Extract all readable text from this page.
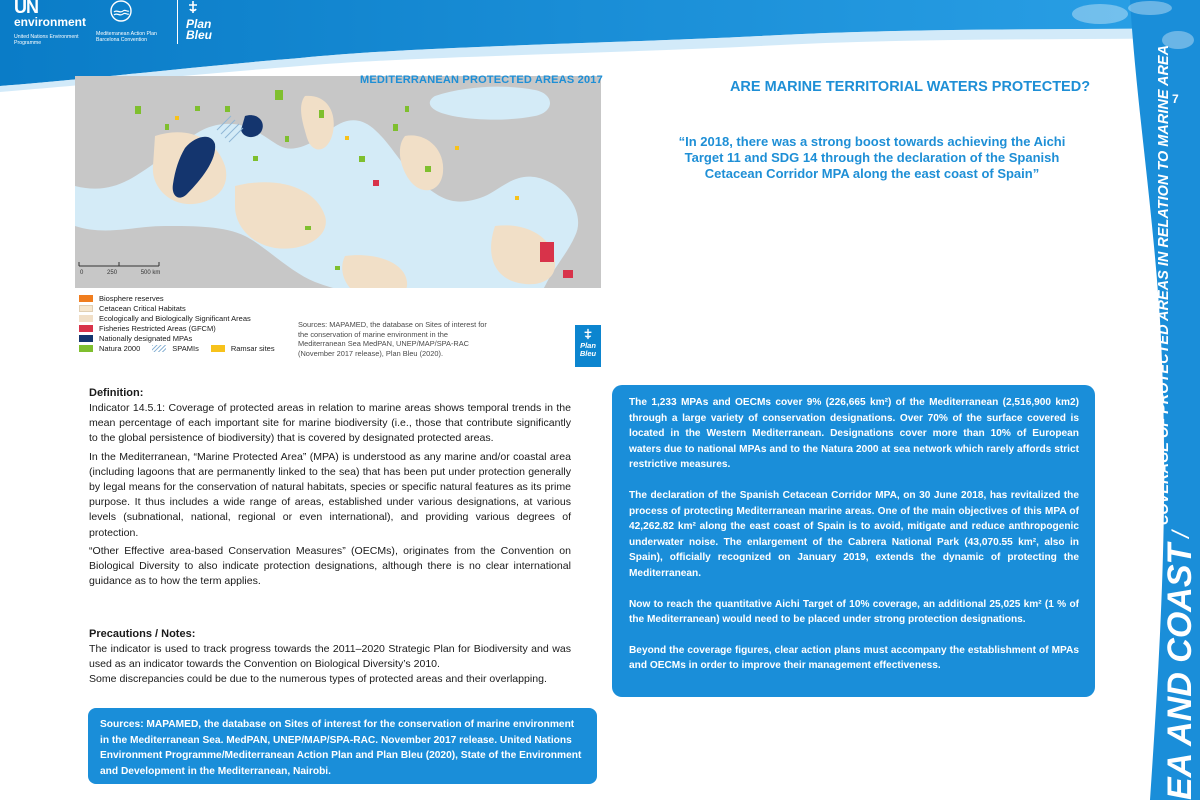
UN
environment
United Nations Environment Programme
Mediterranean Action Plan Barcelona Convention
Plan
Bleu
7
EA AND COAST
/
COVERAGE OF PROTECTED AREAS IN RELATION TO MARINE AREA
MEDITERRANEAN PROTECTED AREAS 2017
0	250	500 km
Biosphere reserves
Cetacean Critical Habitats
Ecologically and Biologically Significant Areas
Fisheries Restricted Areas (GFCM)
Nationally designated MPAs
Natura 2000	SPAMIs	Ramsar sites
Sources: MAPAMED, the database on Sites of interest for the conservation of marine environment in the Mediterranean Sea MedPAN, UNEP/MAP/SPA-RAC (November 2017 release), Plan Bleu (2020).
Plan
Bleu
ARE MARINE TERRITORIAL WATERS PROTECTED?
“In 2018, there was a strong boost towards achieving the Aichi Target 11 and SDG 14 through the declaration of the Spanish Cetacean Corridor MPA along the east coast of Spain”

The 1,233 MPAs and OECMs cover 9% (226,665 km²) of the Mediterranean (2,516,900 km2) through a large variety of conservation designations. Over 70% of the surface covered is located in the Western Mediterranean. Designations cover more than 10% of European waters due to national MPAs and to the Natura 2000 at sea network which rarely affords strict restrictive measures.

The declaration of the Spanish Cetacean Corridor MPA, on 30 June 2018, has revitalized the process of protecting Mediterranean marine areas. One of the main objectives of this MPA of 42,262.82 km² along the east coast of Spain is to avoid, mitigate and reduce anthropogenic underwater noise. The enlargement of the Cabrera National Park (43,070.55 km², also in Spain), officially recognized on January 2019, extends the dynamic of protecting the Mediterranean.

Now to reach the quantitative Aichi Target of 10% coverage, an additional 25,025 km² (1 % of the Mediterranean) would need to be placed under strong protection designations.

Beyond the coverage figures, clear action plans must accompany the establishment of MPAs and OECMs in order to improve their management effectiveness.

Definition:

Indicator 14.5.1: Coverage of protected areas in relation to marine areas shows temporal trends in the mean percentage of each important site for marine biodiversity (i.e., those that contribute significantly to the global persistence of biodiversity) that is covered by designated protected areas.

In the Mediterranean, “Marine Protected Area” (MPA) is understood as any marine and/or coastal area (including lagoons that are permanently linked to the sea) that has been put under protection generally by legal means for the conservation of natural habitats, species or specific natural features as its prime purpose. It thus includes a wide range of areas, established under various designations, at various levels (subnational, national, regional or even international), and providing various degrees of protection.

“Other Effective area-based Conservation Measures” (OECMs), originates from the Convention on Biological Diversity to also indicate protection designations, although there is no clear international guidance as to how the term applies.

Precautions / Notes:

The indicator is used to track progress towards the 2011–2020 Strategic Plan for Biodiversity and was used as an indicator towards the Convention on Biological Diversity’s 2010.

Some discrepancies could be due to the numerous types of protected areas and their overlapping.

Sources: MAPAMED, the database on Sites of interest for the conservation of marine environment in the Mediterranean Sea. MedPAN, UNEP/MAP/SPA-RAC. November 2017 release. United Nations Environment Programme/Mediterranean Action Plan and Plan Bleu (2020), State of the Environment and Development in the Mediterranean, Nairobi.
